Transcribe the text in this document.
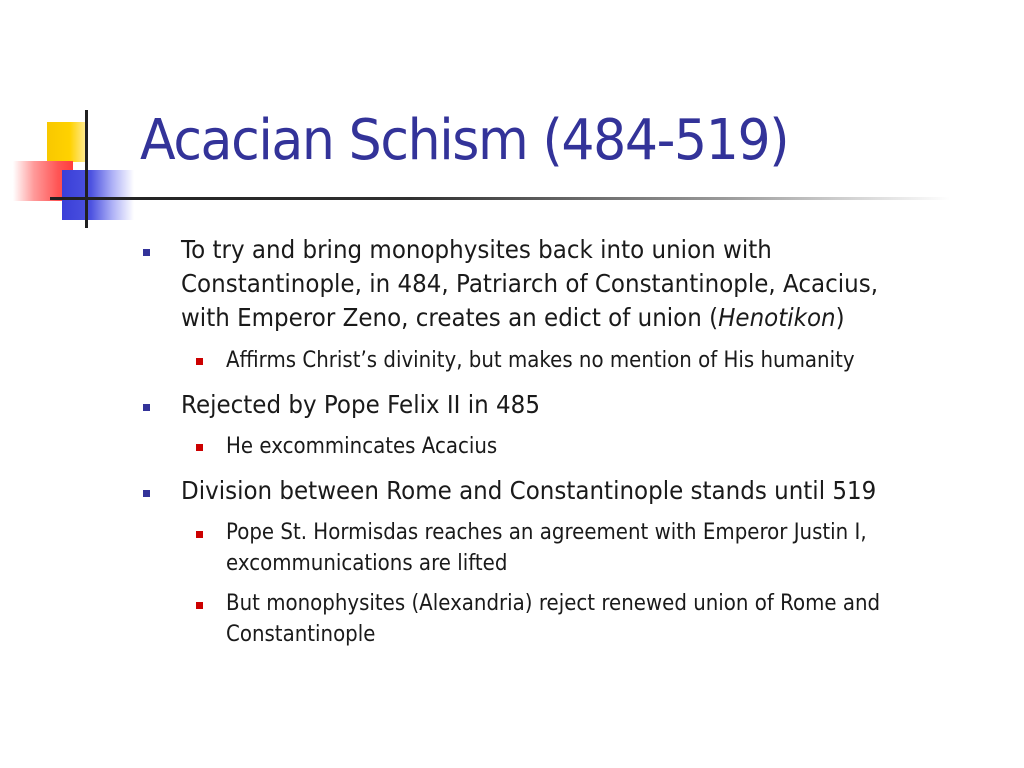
Acacian Schism (484-519)
To try and bring monophysites back into union with
Constantinople, in 484, Patriarch of Constantinople, Acacius,
with Emperor Zeno, creates an edict of union (Henotikon)
Affirms Christ’s divinity, but makes no mention of His humanity
Rejected by Pope Felix II in 485
He excommincates Acacius
Division between Rome and Constantinople stands until 519
Pope St. Hormisdas reaches an agreement with Emperor Justin I,
excommunications are lifted
But monophysites (Alexandria) reject renewed union of Rome and
Constantinople
